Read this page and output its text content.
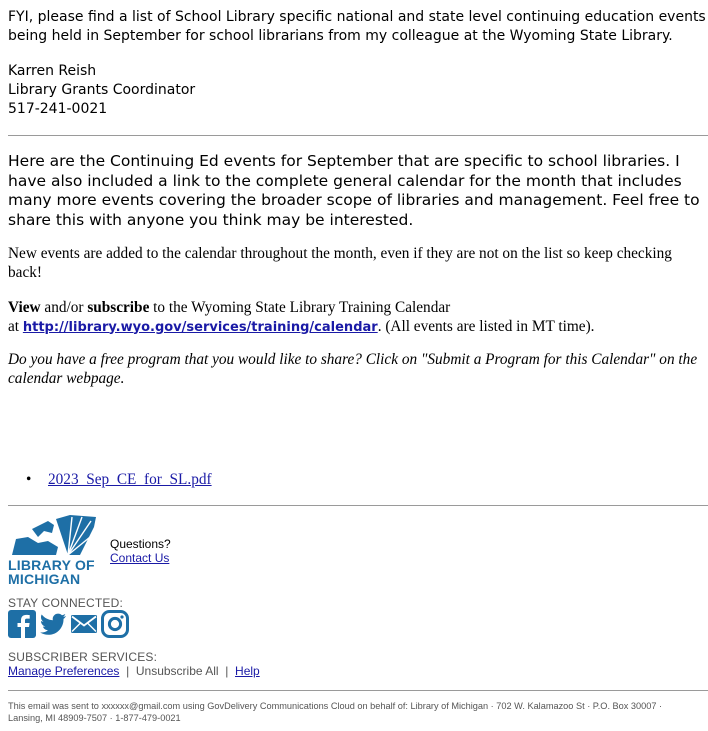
FYI, please find a list of School Library specific national and state level continuing education events being held in September for school librarians from my colleague at the Wyoming State Library.

Karren Reish
Library Grants Coordinator
517-241-0021

Here are the Continuing Ed events for September that are specific to school libraries. I have also included a link to the complete general calendar for the month that includes many more events covering the broader scope of libraries and management. Feel free to share this with anyone you think may be interested.

New events are added to the calendar throughout the month, even if they are not on the list so keep checking back!

View and/or subscribe to the Wyoming State Library Training Calendar
at http://library.wyo.gov/services/training/calendar. (All events are listed in MT time).

Do you have a free program that you would like to share? Click on "Submit a Program for this Calendar" on the calendar webpage.

• 2023_Sep_CE_for_SL.pdf
LIBRARY OF
MICHIGAN
Questions?
Contact Us
STAY CONNECTED:
SUBSCRIBER SERVICES:
Manage Preferences  |  Unsubscribe All  |  Help
This email was sent to xxxxxx@gmail.com using GovDelivery Communications Cloud on behalf of: Library of Michigan · 702 W. Kalamazoo St · P.O. Box 30007 · Lansing, MI 48909-7507 · 1-877-479-0021
